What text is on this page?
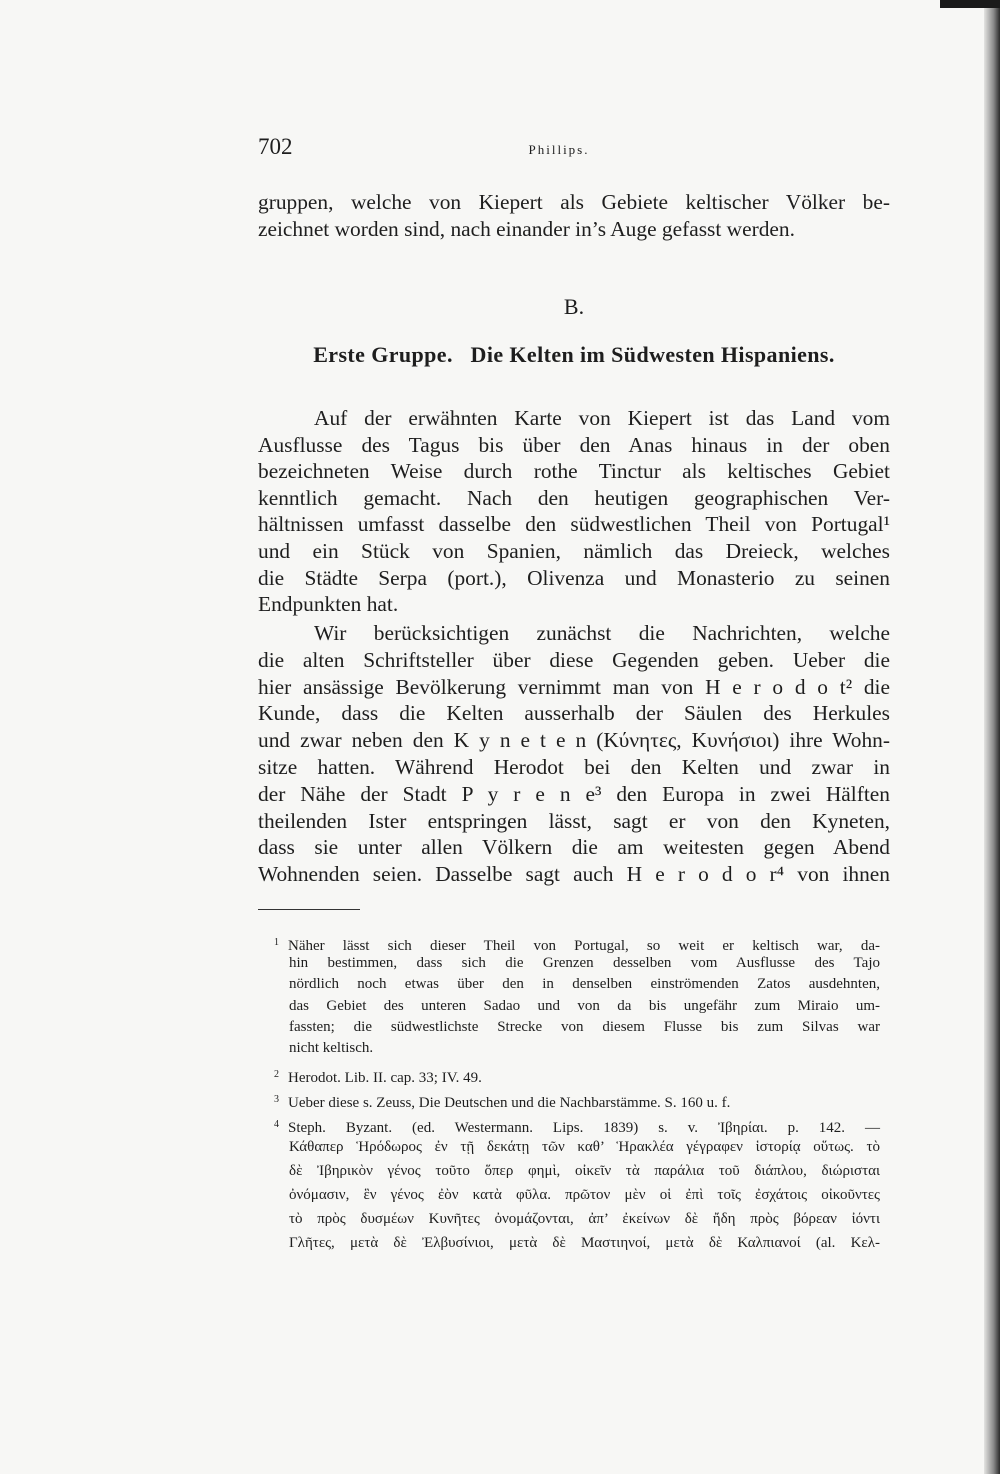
702	Phillips.
gruppen, welche von Kiepert als Gebiete keltischer Völker be-
zeichnet worden sind, nach einander in’s Auge gefasst werden.
B.
Erste Gruppe.   Die Kelten im Südwesten Hispaniens.
Auf der erwähnten Karte von Kiepert ist das Land vom
Ausflusse des Tagus bis über den Anas hinaus in der oben
bezeichneten Weise durch rothe Tinctur als keltisches Gebiet
kenntlich gemacht. Nach den heutigen geographischen Ver-
hältnissen umfasst dasselbe den südwestlichen Theil von Portugal¹
und ein Stück von Spanien, nämlich das Dreieck, welches
die Städte Serpa (port.), Olivenza und Monasterio zu seinen
Endpunkten hat.
Wir berücksichtigen zunächst die Nachrichten, welche
die alten Schriftsteller über diese Gegenden geben. Ueber die
hier ansässige Bevölkerung vernimmt man von H e r o d o t² die
Kunde, dass die Kelten ausserhalb der Säulen des Herkules
und zwar neben den K y n e t e n (Κύνητες, Κυνήσιοι) ihre Wohn-
sitze hatten. Während Herodot bei den Kelten und zwar in
der Nähe der Stadt P y r e n e³ den Europa in zwei Hälften
theilenden Ister entspringen lässt, sagt er von den Kyneten,
dass sie unter allen Völkern die am weitesten gegen Abend
Wohnenden seien. Dasselbe sagt auch H e r o d o r⁴ von ihnen
$^1$ Näher lässt sich dieser Theil von Portugal, so weit er keltisch war, da-
hin bestimmen, dass sich die Grenzen desselben vom Ausflusse des Tajo
nördlich noch etwas über den in denselben einströmenden Zatos ausdehnten,
das Gebiet des unteren Sadao und von da bis ungefähr zum Miraio um-
fassten; die südwestlichste Strecke von diesem Flusse bis zum Silvas war
nicht keltisch.
$^2$ Herodot. Lib. II. cap. 33; IV. 49.
$^3$ Ueber diese s. Zeuss, Die Deutschen und die Nachbarstämme. S. 160 u. f.
$^4$ Steph. Byzant. (ed. Westermann. Lips. 1839) s. v. Ἰβηρίαι. p. 142. —
Κάθαπερ Ἡρόδωρος ἐν τῇ δεκάτῃ τῶν καθ’ Ἡρακλέα γέγραφεν ἱστορίᾳ οὕτως. τὸ
δὲ Ἰβηρικὸν γένος τοῦτο ὅπερ φημὶ, οἰκεῖν τὰ παράλια τοῦ διάπλου, διώρισται
ὀνόμασιν, ἓν γένος ἐὸν κατὰ φῦλα. πρῶτον μὲν οἱ ἐπὶ τοῖς ἐσχάτοις οἰκοῦντες
τὸ πρὸς δυσμέων Κυνῆτες ὀνομάζονται, ἀπ’ ἐκείνων δὲ ἤδη πρὸς βόρεαν ἰόντι
Γλῆτες, μετὰ δὲ Ἐλβυσίνιοι, μετὰ δὲ Μαστιηνοί, μετὰ δὲ Καλπιανοί (al. Κελ-
